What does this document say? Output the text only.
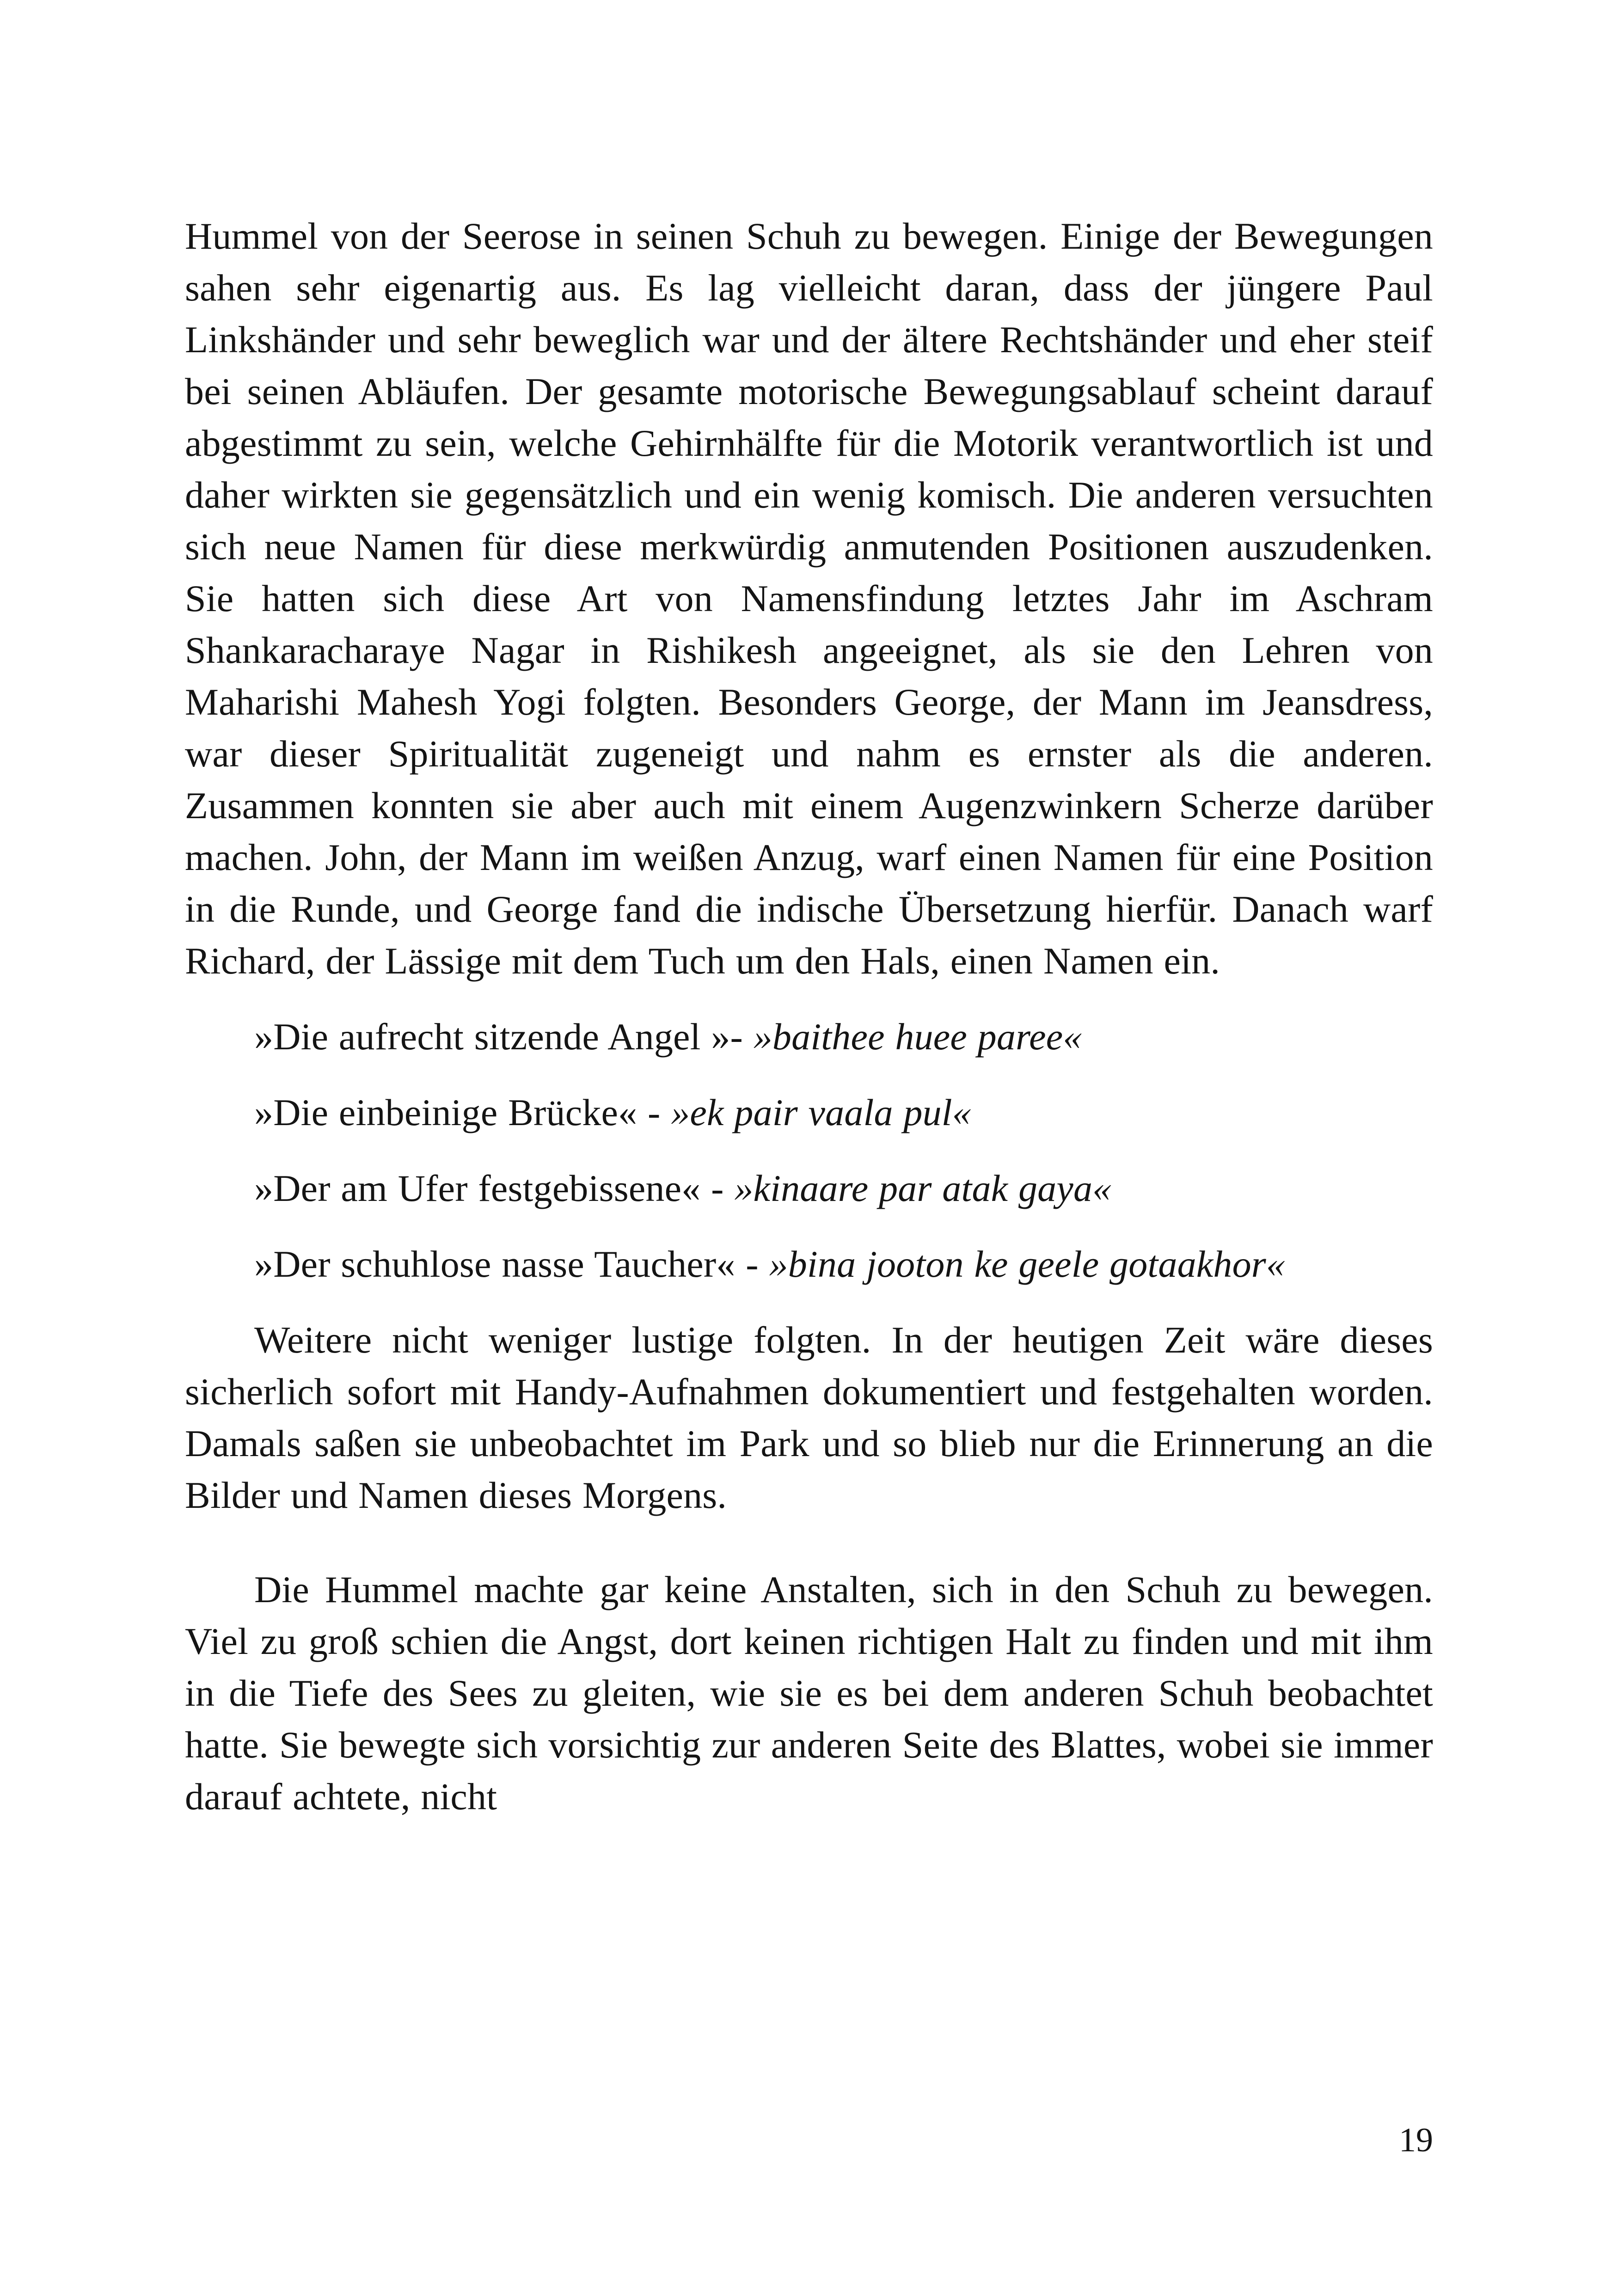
Hummel von der Seerose in seinen Schuh zu bewegen. Einige der Bewegungen sahen sehr eigenartig aus. Es lag vielleicht daran, dass der jüngere Paul Linkshänder und sehr beweglich war und der ältere Rechtshänder und eher steif bei seinen Abläufen. Der gesamte motorische Bewegungsablauf scheint darauf abgestimmt zu sein, welche Gehirnhälfte für die Motorik verantwortlich ist und daher wirkten sie gegensätzlich und ein wenig komisch. Die anderen versuchten sich neue Namen für diese merkwürdig anmutenden Positionen auszudenken. Sie hatten sich diese Art von Namensfindung letztes Jahr im Aschram Shankaracharaye Nagar in Rishikesh angeeignet, als sie den Lehren von Maharishi Mahesh Yogi folgten. Besonders George, der Mann im Jeansdress, war dieser Spiritualität zugeneigt und nahm es ernster als die anderen. Zusammen konnten sie aber auch mit einem Augenzwinkern Scherze darüber machen. John, der Mann im weißen Anzug, warf einen Namen für eine Position in die Runde, und George fand die indische Übersetzung hierfür. Danach warf Richard, der Lässige mit dem Tuch um den Hals, einen Namen ein.

»Die aufrecht sitzende Angel »- »baithee huee paree«

»Die einbeinige Brücke« - »ek pair vaala pul«

»Der am Ufer festgebissene« - »kinaare par atak gaya«

»Der schuhlose nasse Taucher« - »bina jooton ke geele gotaakhor«

Weitere nicht weniger lustige folgten. In der heutigen Zeit wäre dieses sicherlich sofort mit Handy-Aufnahmen dokumentiert und festgehalten worden. Damals saßen sie unbeobachtet im Park und so blieb nur die Erinnerung an die Bilder und Namen dieses Morgens.

Die Hummel machte gar keine Anstalten, sich in den Schuh zu bewegen. Viel zu groß schien die Angst, dort keinen richtigen Halt zu finden und mit ihm in die Tiefe des Sees zu gleiten, wie sie es bei dem anderen Schuh beobachtet hatte. Sie bewegte sich vorsichtig zur anderen Seite des Blattes, wobei sie immer darauf achtete, nicht

19
